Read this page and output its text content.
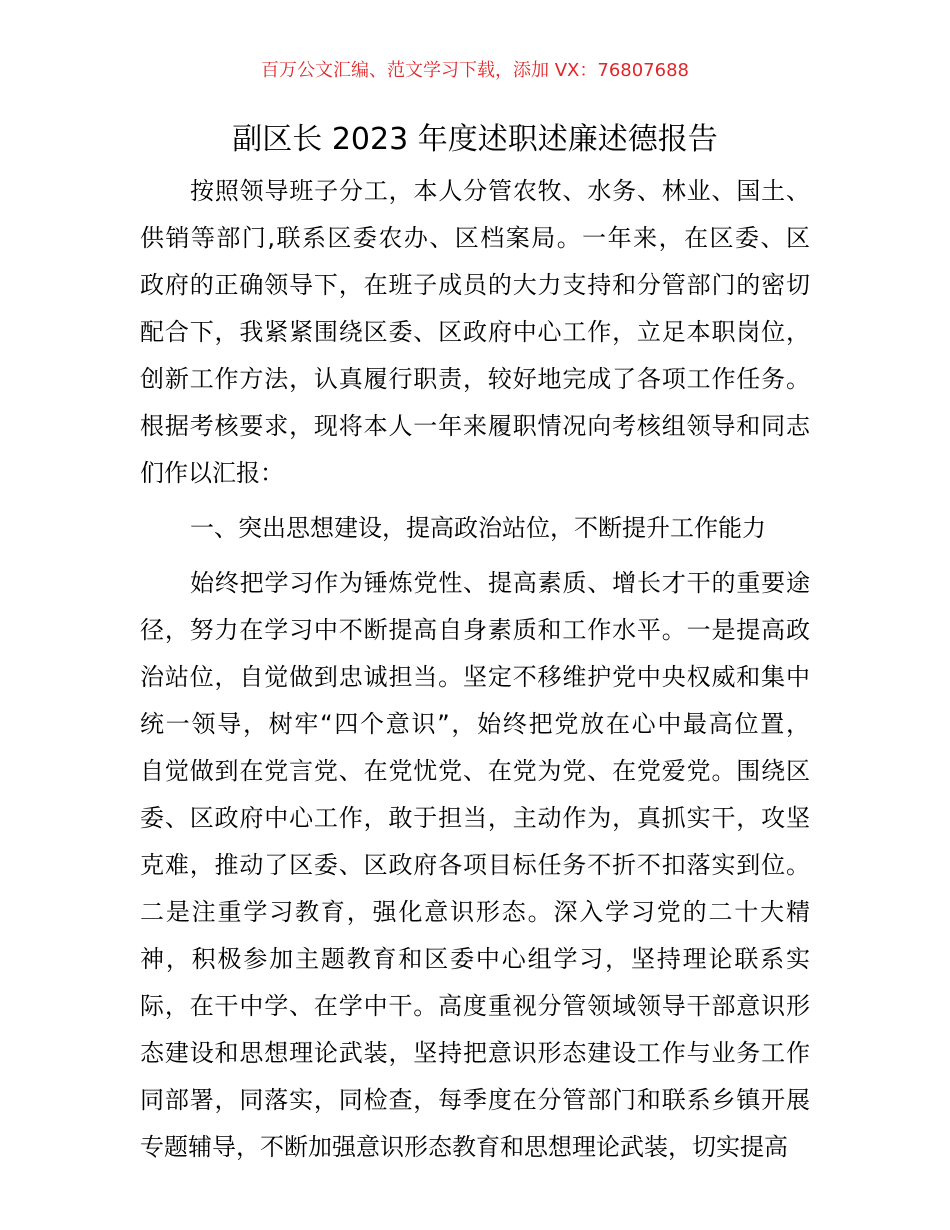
百万公文汇编、范文学习下载，添加 VX：76807688
副区长 2023 年度述职述廉述德报告
按照领导班子分工，本人分管农牧、水务、林业、国土、
供销等部门,联系区委农办、区档案局。一年来，在区委、区
政府的正确领导下，在班子成员的大力支持和分管部门的密切
配合下，我紧紧围绕区委、区政府中心工作，立足本职岗位，
创新工作方法，认真履行职责，较好地完成了各项工作任务。
根据考核要求，现将本人一年来履职情况向考核组领导和同志
们作以汇报：
一、突出思想建设，提高政治站位，不断提升工作能力
始终把学习作为锤炼党性、提高素质、增长才干的重要途
径，努力在学习中不断提高自身素质和工作水平。一是提高政
治站位，自觉做到忠诚担当。坚定不移维护党中央权威和集中
统一领导，树牢“四个意识”，始终把党放在心中最高位置，
自觉做到在党言党、在党忧党、在党为党、在党爱党。围绕区
委、区政府中心工作，敢于担当，主动作为，真抓实干，攻坚
克难，推动了区委、区政府各项目标任务不折不扣落实到位。
二是注重学习教育，强化意识形态。深入学习党的二十大精
神，积极参加主题教育和区委中心组学习，坚持理论联系实
际，在干中学、在学中干。高度重视分管领域领导干部意识形
态建设和思想理论武装，坚持把意识形态建设工作与业务工作
同部署，同落实，同检查，每季度在分管部门和联系乡镇开展
专题辅导，不断加强意识形态教育和思想理论武装，切实提高
